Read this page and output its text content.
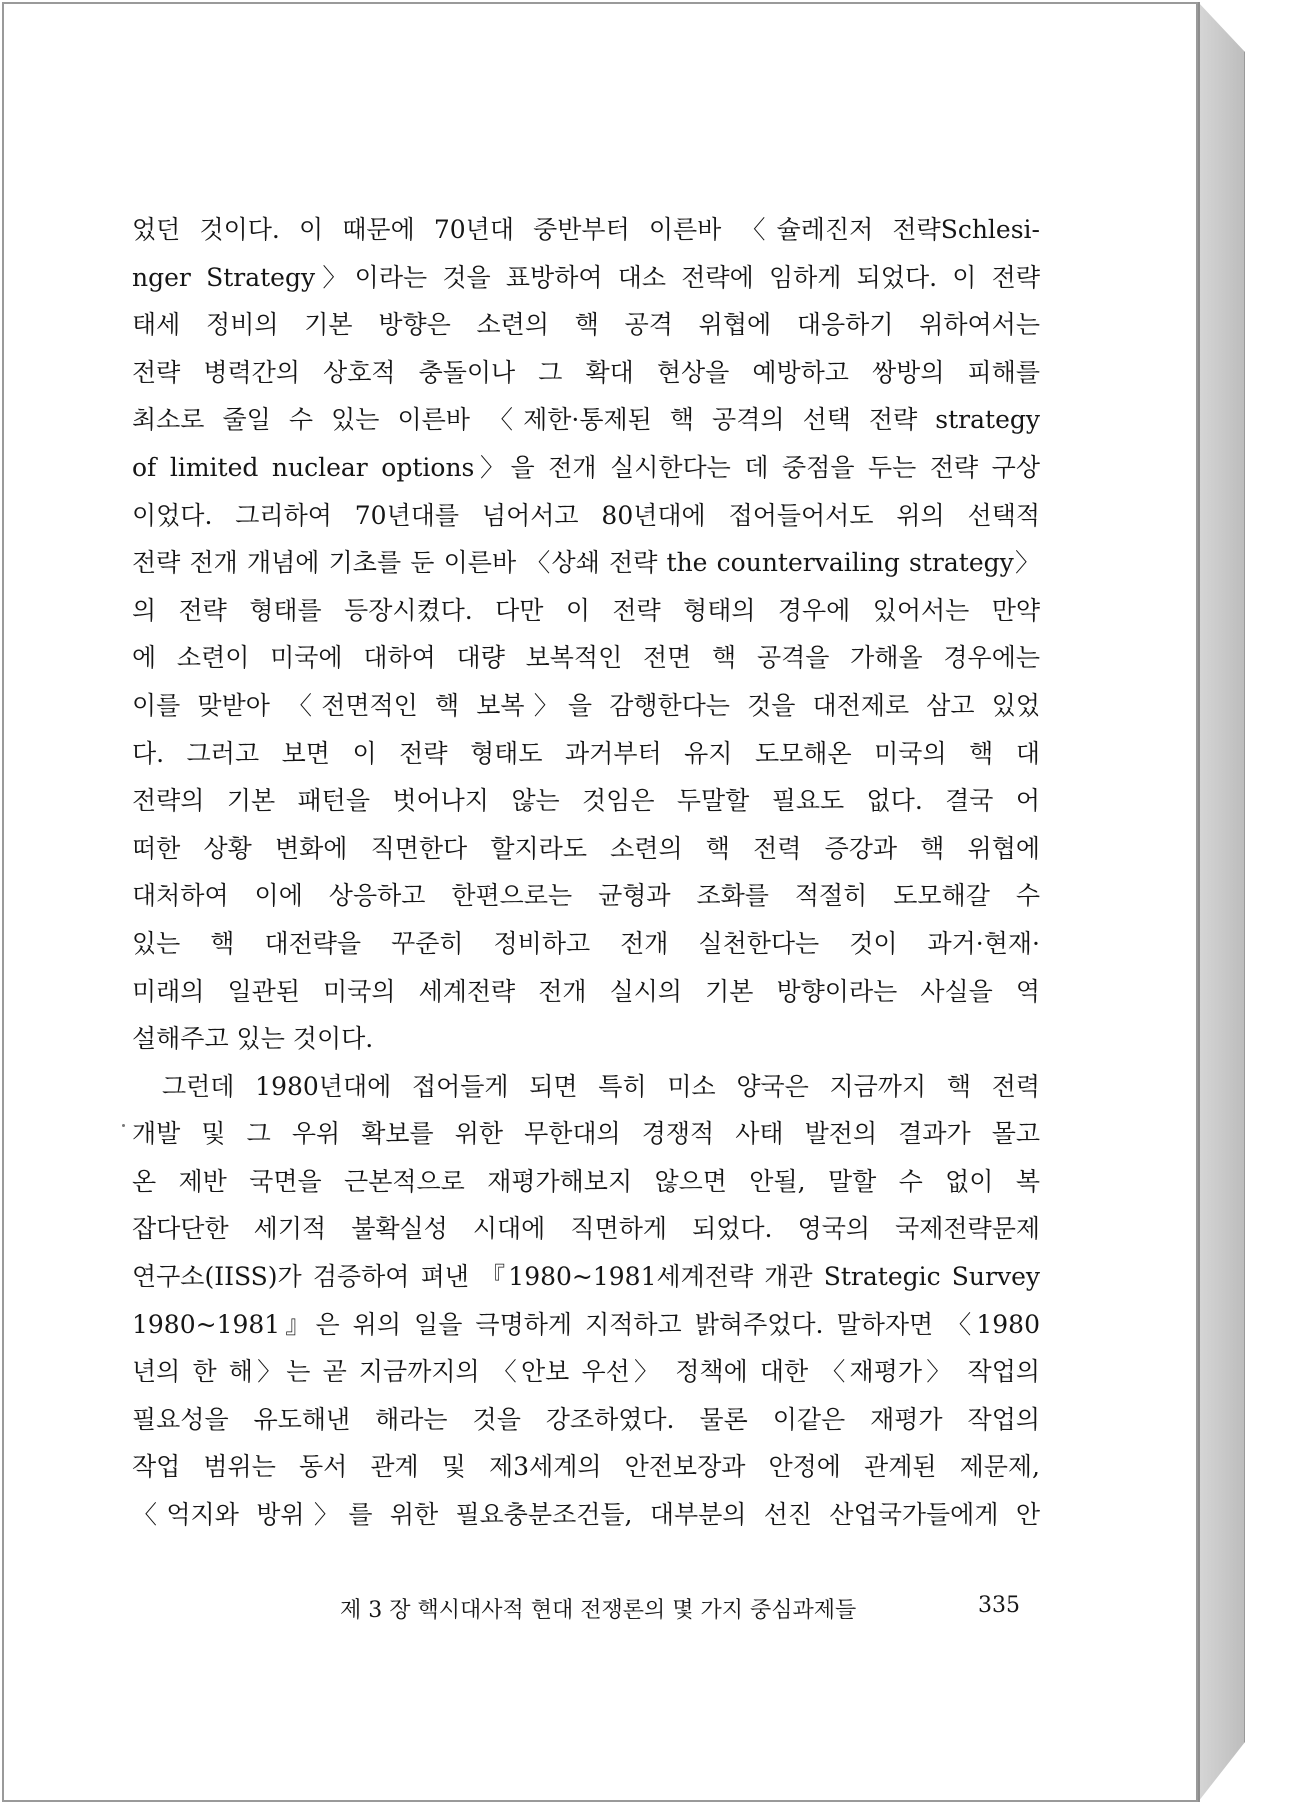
었던 것이다. 이 때문에 70년대 중반부터 이른바 〈슐레진저 전략Schlesi-
nger Strategy〉이라는 것을 표방하여 대소 전략에 임하게 되었다. 이 전략
태세 정비의 기본 방향은 소련의 핵 공격 위협에 대응하기 위하여서는
전략 병력간의 상호적 충돌이나 그 확대 현상을 예방하고 쌍방의 피해를
최소로 줄일 수 있는 이른바 〈제한·통제된 핵 공격의 선택 전략 strategy
of limited nuclear options〉을 전개 실시한다는 데 중점을 두는 전략 구상
이었다. 그리하여 70년대를 넘어서고 80년대에 접어들어서도 위의 선택적
전략 전개 개념에 기초를 둔 이른바 〈상쇄 전략 the countervailing strategy〉
의 전략 형태를 등장시켰다. 다만 이 전략 형태의 경우에 있어서는 만약
에 소련이 미국에 대하여 대량 보복적인 전면 핵 공격을 가해올 경우에는
이를 맞받아 〈전면적인 핵 보복〉을 감행한다는 것을 대전제로 삼고 있었
다. 그러고 보면 이 전략 형태도 과거부터 유지 도모해온 미국의 핵 대
전략의 기본 패턴을 벗어나지 않는 것임은 두말할 필요도 없다. 결국 어
떠한 상황 변화에 직면한다 할지라도 소련의 핵 전력 증강과 핵 위협에
대처하여 이에 상응하고 한편으로는 균형과 조화를 적절히 도모해갈 수
있는 핵 대전략을 꾸준히 정비하고 전개 실천한다는 것이 과거·현재·
미래의 일관된 미국의 세계전략 전개 실시의 기본 방향이라는 사실을 역
설해주고 있는 것이다.
그런데 1980년대에 접어들게 되면 특히 미소 양국은 지금까지 핵 전력
개발 및 그 우위 확보를 위한 무한대의 경쟁적 사태 발전의 결과가 몰고
온 제반 국면을 근본적으로 재평가해보지 않으면 안될, 말할 수 없이 복
잡다단한 세기적 불확실성 시대에 직면하게 되었다. 영국의 국제전략문제
연구소(IISS)가 검증하여 펴낸 『1980~1981세계전략 개관 Strategic Survey
1980~1981』은 위의 일을 극명하게 지적하고 밝혀주었다. 말하자면 〈1980
년의 한 해〉는 곧 지금까지의 〈안보 우선〉 정책에 대한 〈재평가〉 작업의
필요성을 유도해낸 해라는 것을 강조하였다. 물론 이같은 재평가 작업의
작업 범위는 동서 관계 및 제3세계의 안전보장과 안정에 관계된 제문제,
〈억지와 방위〉를 위한 필요충분조건들, 대부분의 선진 산업국가들에게 안
제 3 장 핵시대사적 현대 전쟁론의 몇 가지 중심과제들	335
